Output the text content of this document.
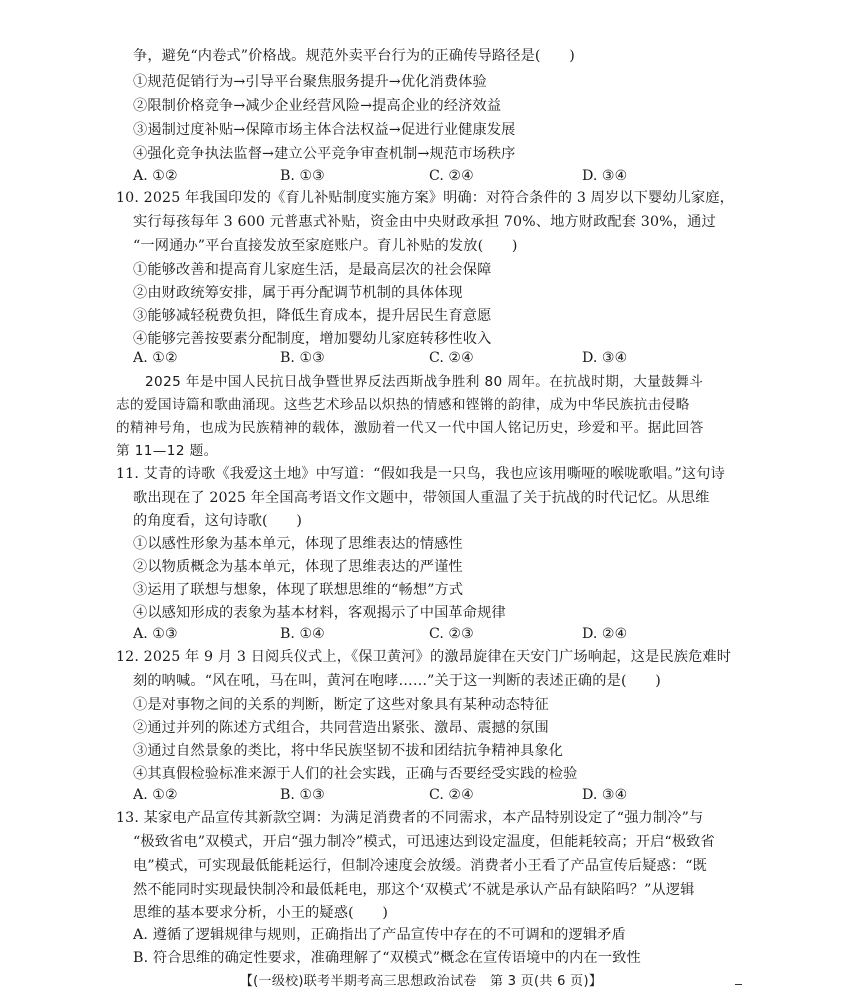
争，避免“内卷式”价格战。规范外卖平台行为的正确传导路径是(　　)
①规范促销行为→引导平台聚焦服务提升→优化消费体验
②限制价格竞争→减少企业经营风险→提高企业的经济效益
③遏制过度补贴→保障市场主体合法权益→促进行业健康发展
④强化竞争执法监督→建立公平竞争审查机制→规范市场秩序
A. ①②	B. ①③	C. ②④	D. ③④
10. 2025 年我国印发的《育儿补贴制度实施方案》明确：对符合条件的 3 周岁以下婴幼儿家庭，
实行每孩每年 3 600 元普惠式补贴，资金由中央财政承担 70%、地方财政配套 30%，通过
“一网通办”平台直接发放至家庭账户。育儿补贴的发放(　　)
①能够改善和提高育儿家庭生活，是最高层次的社会保障
②由财政统筹安排，属于再分配调节机制的具体体现
③能够减轻税费负担，降低生育成本，提升居民生育意愿
④能够完善按要素分配制度，增加婴幼儿家庭转移性收入
A. ①②	B. ①③	C. ②④	D. ③④
2025 年是中国人民抗日战争暨世界反法西斯战争胜利 80 周年。在抗战时期，大量鼓舞斗
志的爱国诗篇和歌曲涌现。这些艺术珍品以炽热的情感和铿锵的韵律，成为中华民族抗击侵略
的精神号角，也成为民族精神的载体，激励着一代又一代中国人铭记历史，珍爱和平。据此回答
第 11—12 题。
11. 艾青的诗歌《我爱这土地》中写道：“假如我是一只鸟，我也应该用嘶哑的喉咙歌唱。”这句诗
歌出现在了 2025 年全国高考语文作文题中，带领国人重温了关于抗战的时代记忆。从思维
的角度看，这句诗歌(　　)
①以感性形象为基本单元，体现了思维表达的情感性
②以物质概念为基本单元，体现了思维表达的严谨性
③运用了联想与想象，体现了联想思维的“畅想”方式
④以感知形成的表象为基本材料，客观揭示了中国革命规律
A. ①③	B. ①④	C. ②③	D. ②④
12. 2025 年 9 月 3 日阅兵仪式上，《保卫黄河》的激昂旋律在天安门广场响起，这是民族危难时
刻的呐喊。“风在吼，马在叫，黄河在咆哮……”关于这一判断的表述正确的是(　　)
①是对事物之间的关系的判断，断定了这些对象具有某种动态特征
②通过并列的陈述方式组合，共同营造出紧张、激昂、震撼的氛围
③通过自然景象的类比，将中华民族坚韧不拔和团结抗争精神具象化
④其真假检验标准来源于人们的社会实践，正确与否要经受实践的检验
A. ①②	B. ①③	C. ②④	D. ③④
13. 某家电产品宣传其新款空调：为满足消费者的不同需求，本产品特别设定了“强力制冷”与
“极致省电”双模式，开启“强力制冷”模式，可迅速达到设定温度，但能耗较高；开启“极致省
电”模式，可实现最低能耗运行，但制冷速度会放缓。消费者小王看了产品宣传后疑惑：“既
然不能同时实现最快制冷和最低耗电，那这个‘双模式’不就是承认产品有缺陷吗？”从逻辑
思维的基本要求分析，小王的疑惑(　　)
A. 遵循了逻辑规律与规则，正确指出了产品宣传中存在的不可调和的逻辑矛盾
B. 符合思维的确定性要求，准确理解了“双模式”概念在宣传语境中的内在一致性
【(一级校)联考半期考高三思想政治试卷　第 3 页(共 6 页)】
